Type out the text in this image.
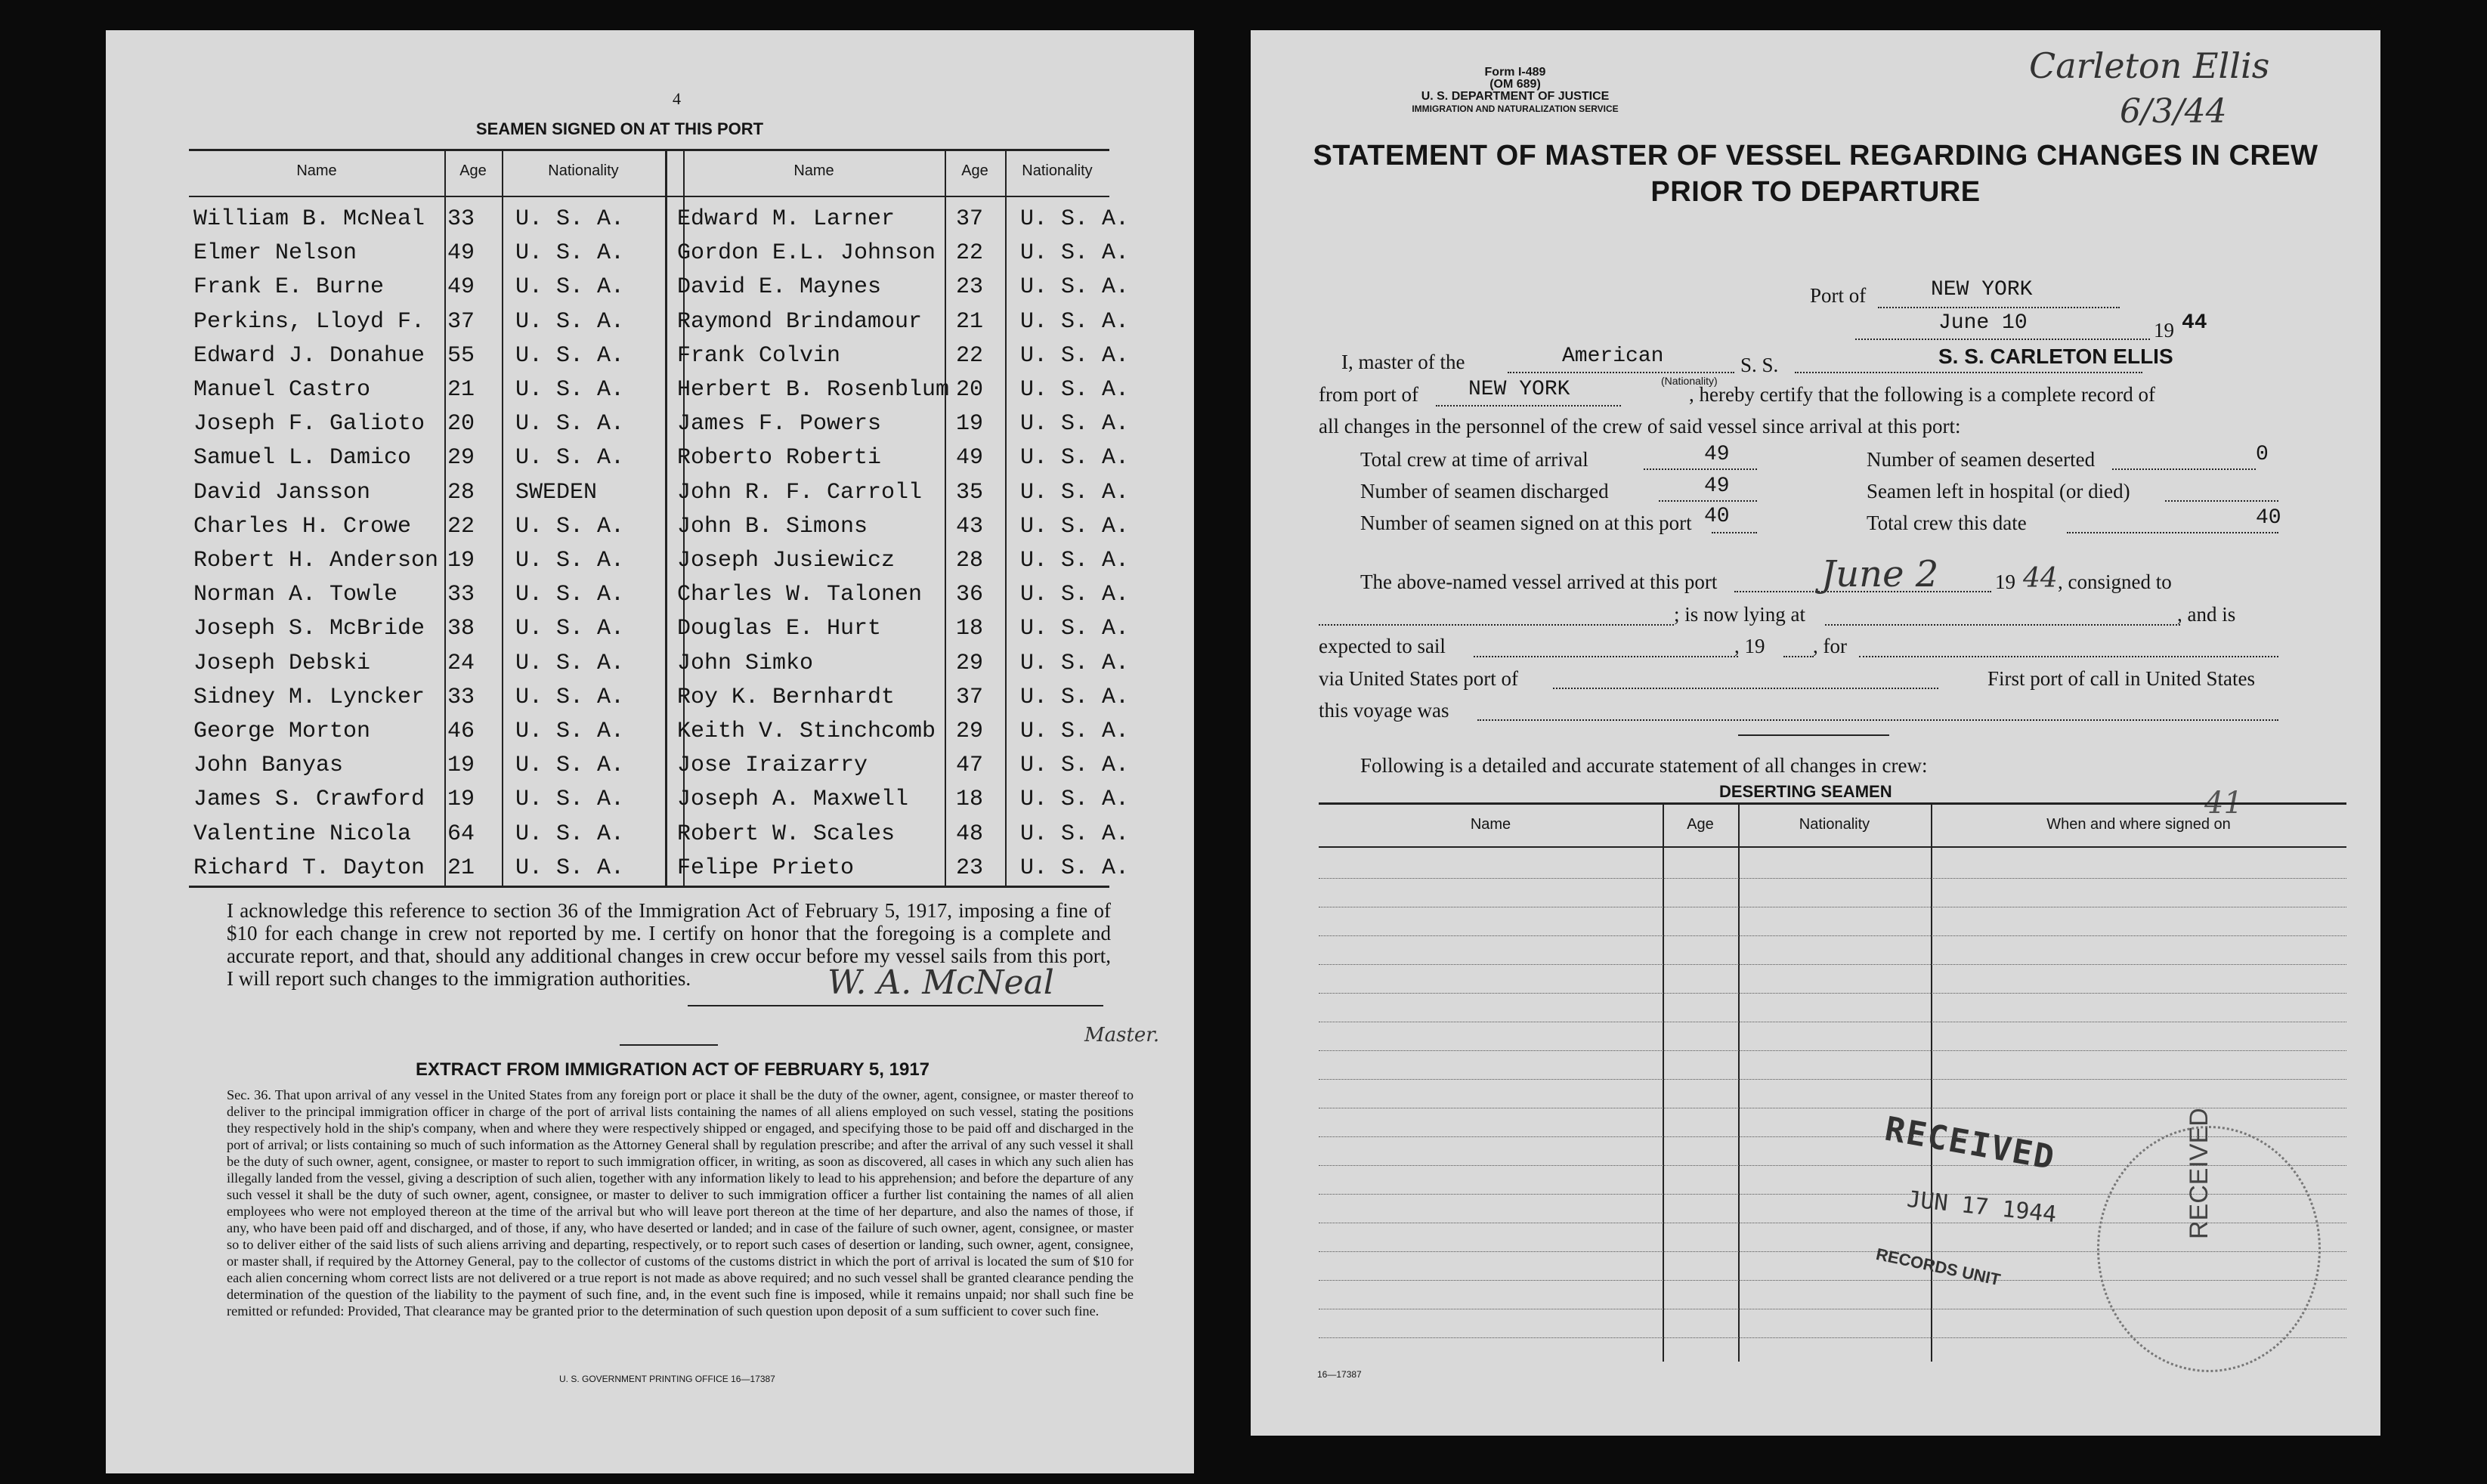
4
SEAMEN SIGNED ON AT THIS PORT
Name	Age	Nationality	Name	Age	Nationality
William B. McNeal 33 U. S. A. Edward M. Larner	37 U. S. A.
Elmer Nelson	49 U. S. A. Gordon E.L. Johnson 22 U. S. A.
Frank E. Burne	49 U. S. A. David E. Maynes	23 U. S. A.
Perkins, Lloyd F. 37 U. S. A. Raymond Brindamour 21 U. S. A.
Edward J. Donahue 55 U. S. A. Frank Colvin	22 U. S. A.
Manuel Castro	21 U. S. A. Herbert B. Rosenblum 20 U. S. A.
Joseph F. Galioto 20 U. S. A. James F. Powers	19 U. S. A.
Samuel L. Damico 29 U. S. A. Roberto Roberti	49 U. S. A.
David Jansson	28 SWEDEN	John R. F. Carroll 35 U. S. A.
Charles H. Crowe 22 U. S. A. John B. Simons	43 U. S. A.
Robert H. Anderson 19 U. S. A. Joseph Jusiewicz	28 U. S. A.
Norman A. Towle 33 U. S. A. Charles W. Talonen 36 U. S. A.
Joseph S. McBride 38 U. S. A. Douglas E. Hurt	18 U. S. A.
Joseph Debski	24 U. S. A. John Simko	29 U. S. A.
Sidney M. Lyncker 33 U. S. A. Roy K. Bernhardt	37 U. S. A.
George Morton	46 U. S. A. Keith V. Stinchcomb 29 U. S. A.
John Banyas	19 U. S. A. Jose Iraizarry	47 U. S. A.
James S. Crawford 19 U. S. A. Joseph A. Maxwell 18 U. S. A.
Valentine Nicola 64 U. S. A. Robert W. Scales	48 U. S. A.
Richard T. Dayton 21 U. S. A. Felipe Prieto	23 U. S. A.
I acknowledge this reference to section 36 of the Immigration Act of February 5, 1917, imposing a fine of $10 for each change in crew not reported by me. I certify on honor that the foregoing is a complete and accurate report, and that, should any additional changes in crew occur before my vessel sails from this port, I will report such changes to the immigration authorities.	W. A. McNeal
Master.
EXTRACT FROM IMMIGRATION ACT OF FEBRUARY 5, 1917
Sec. 36. That upon arrival of any vessel in the United States from any foreign port or place it shall be the duty of the owner, agent, consignee, or master thereof to deliver to the principal immigration officer in charge of the port of arrival lists containing the names of all aliens employed on such vessel, stating the positions they respectively hold in the ship's company, when and where they were respectively shipped or engaged, and specifying those to be paid off and discharged in the port of arrival; or lists containing so much of such information as the Attorney General shall by regulation prescribe; and after the arrival of any such vessel it shall be the duty of such owner, agent, consignee, or master to report to such immigration officer, in writing, as soon as discovered, all cases in which any such alien has illegally landed from the vessel, giving a description of such alien, together with any information likely to lead to his apprehension; and before the departure of any such vessel it shall be the duty of such owner, agent, consignee, or master to deliver to such immigration officer a further list containing the names of all alien employees who were not employed thereon at the time of the arrival but who will leave port thereon at the time of her departure, and also the names of those, if any, who have been paid off and discharged, and of those, if any, who have deserted or landed; and in case of the failure of such owner, agent, consignee, or master so to deliver either of the said lists of such aliens arriving and departing, respectively, or to report such cases of desertion or landing, such owner, agent, consignee, or master shall, if required by the Attorney General, pay to the collector of customs of the customs district in which the port of arrival is located the sum of $10 for each alien concerning whom correct lists are not delivered or a true report is not made as above required; and no such vessel shall be granted clearance pending the determination of the question of the liability to the payment of such fine, and, in the event such fine is imposed, while it remains unpaid; nor shall such fine be remitted or refunded: Provided, That clearance may be granted prior to the determination of such question upon deposit of a sum sufficient to cover such fine.
U. S. GOVERNMENT PRINTING OFFICE 16—17387
Form I-489
(OM 689)
U. S. DEPARTMENT OF JUSTICE
IMMIGRATION AND NATURALIZATION SERVICE
Carleton Ellis
6/3/44
STATEMENT OF MASTER OF VESSEL REGARDING CHANGES IN CREW
PRIOR TO DEPARTURE
Port of	NEW YORK
June 10	19 44
I, master of the	American
(Nationality)
S. S.	S. S. CARLETON ELLIS
from port of NEW YORK	, hereby certify that the following is a complete record of
all changes in the personnel of the crew of said vessel since arrival at this port:
Total crew at time of arrival	49	Number of seamen deserted	0
Number of seamen discharged	49	Seamen left in hospital (or died)
Number of seamen signed on at this port 40	Total crew this date	40
The above-named vessel arrived at this port	June 2	19 44 , consigned to
; is now lying at	, and is
expected to sail	, 19 , for
via United States port of	First port of call in United States
this voyage was
Following is a detailed and accurate statement of all changes in crew:
DESERTING SEAMEN	41
Name	Age	Nationality	When and where signed on
RECEIVED
RECEIVED
JUN 17 1944
RECORDS UNIT
16—17387
